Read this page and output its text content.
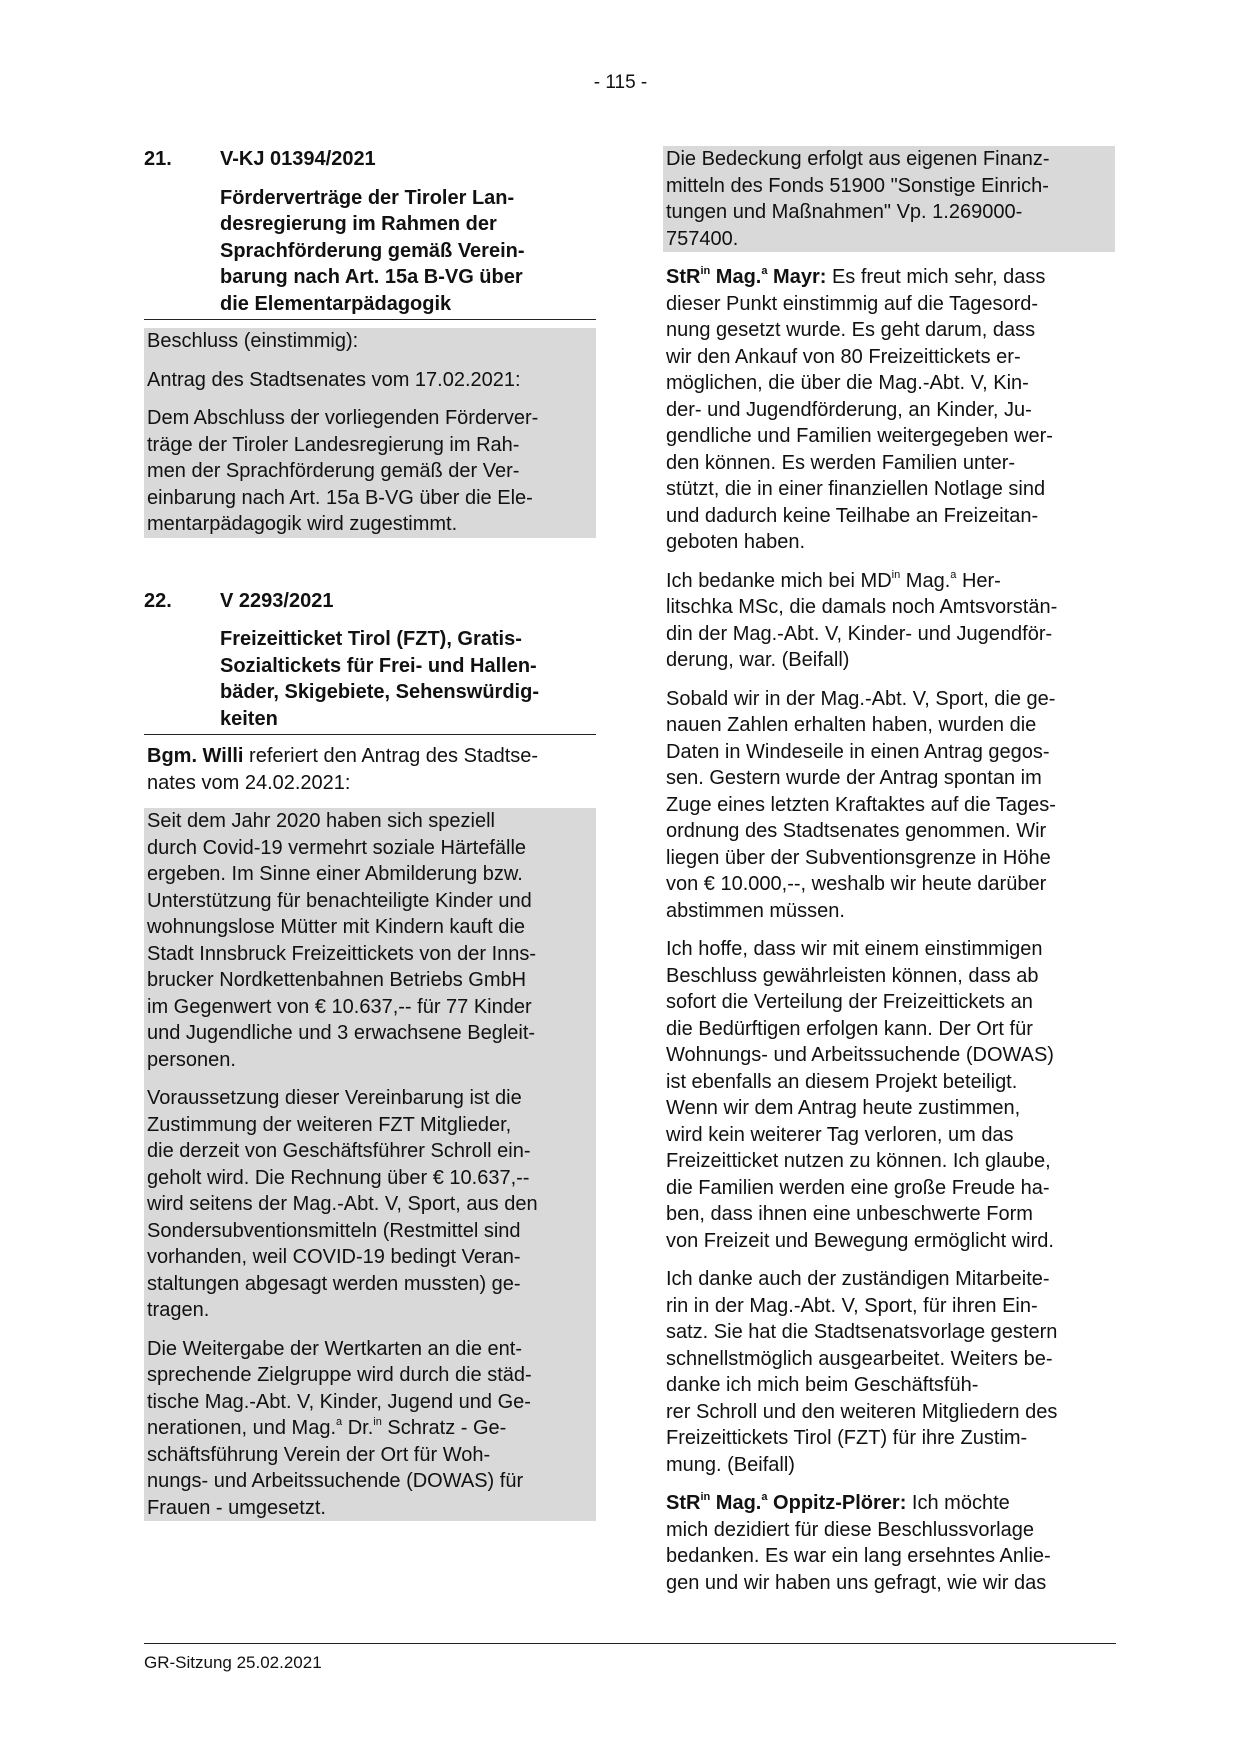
- 115 -
21.	V-KJ 01394/2021
Förderverträge der Tiroler Lan-
desregierung im Rahmen der
Sprachförderung gemäß Verein-
barung nach Art. 15a B-VG über
die Elementarpädagogik

Beschluss (einstimmig):

Antrag des Stadtsenates vom 17.02.2021:

Dem Abschluss der vorliegenden Förderver-

träge der Tiroler Landesregierung im Rah-

men der Sprachförderung gemäß der Ver-

einbarung nach Art. 15a B-VG über die Ele-

mentarpädagogik wird zugestimmt.

22.	V 2293/2021
Freizeitticket Tirol (FZT), Gratis-
Sozialtickets für Frei- und Hallen-
bäder, Skigebiete, Sehenswürdig-
keiten

Bgm. Willi referiert den Antrag des Stadtse-

nates vom 24.02.2021:

Seit dem Jahr 2020 haben sich speziell

durch Covid-19 vermehrt soziale Härtefälle

ergeben. Im Sinne einer Abmilderung bzw.

Unterstützung für benachteiligte Kinder und

wohnungslose Mütter mit Kindern kauft die

Stadt Innsbruck Freizeittickets von der Inns-

brucker Nordkettenbahnen Betriebs GmbH

im Gegenwert von € 10.637,-- für 77 Kinder

und Jugendliche und 3 erwachsene Begleit-

personen.

Voraussetzung dieser Vereinbarung ist die

Zustimmung der weiteren FZT Mitglieder,

die derzeit von Geschäftsführer Schroll ein-

geholt wird. Die Rechnung über € 10.637,--

wird seitens der Mag.-Abt. V, Sport, aus den

Sondersubventionsmitteln (Restmittel sind

vorhanden, weil COVID-19 bedingt Veran-

staltungen abgesagt werden mussten) ge-

tragen.

Die Weitergabe der Wertkarten an die ent-

sprechende Zielgruppe wird durch die städ-

tische Mag.-Abt. V, Kinder, Jugend und Ge-

nerationen, und Mag.$^a$ Dr.$^{in}$ Schratz - Ge-

schäftsführung Verein der Ort für Woh-

nungs- und Arbeitssuchende (DOWAS) für

Frauen - umgesetzt.

Die Bedeckung erfolgt aus eigenen Finanz-

mitteln des Fonds 51900 "Sonstige Einrich-

tungen und Maßnahmen" Vp. 1.269000-

757400.

StR$^{in}$ Mag.$^a$ Mayr: Es freut mich sehr, dass

dieser Punkt einstimmig auf die Tagesord-

nung gesetzt wurde. Es geht darum, dass

wir den Ankauf von 80 Freizeittickets er-

möglichen, die über die Mag.-Abt. V, Kin-

der- und Jugendförderung, an Kinder, Ju-

gendliche und Familien weitergegeben wer-

den können. Es werden Familien unter-

stützt, die in einer finanziellen Notlage sind

und dadurch keine Teilhabe an Freizeitan-

geboten haben.

Ich bedanke mich bei $MD^{in}$ Mag.$^a$ Her-

litschka MSc, die damals noch Amtsvorstän-

din der Mag.-Abt. V, Kinder- und Jugendför-

derung, war. (Beifall)

Sobald wir in der Mag.-Abt. V, Sport, die ge-

nauen Zahlen erhalten haben, wurden die

Daten in Windeseile in einen Antrag gegos-

sen. Gestern wurde der Antrag spontan im

Zuge eines letzten Kraftaktes auf die Tages-

ordnung des Stadtsenates genommen. Wir

liegen über der Subventionsgrenze in Höhe

von € 10.000,--, weshalb wir heute darüber

abstimmen müssen.

Ich hoffe, dass wir mit einem einstimmigen

Beschluss gewährleisten können, dass ab

sofort die Verteilung der Freizeittickets an

die Bedürftigen erfolgen kann. Der Ort für

Wohnungs- und Arbeitssuchende (DOWAS)

ist ebenfalls an diesem Projekt beteiligt.

Wenn wir dem Antrag heute zustimmen,

wird kein weiterer Tag verloren, um das

Freizeitticket nutzen zu können. Ich glaube,

die Familien werden eine große Freude ha-

ben, dass ihnen eine unbeschwerte Form

von Freizeit und Bewegung ermöglicht wird.

Ich danke auch der zuständigen Mitarbeite-

rin in der Mag.-Abt. V, Sport, für ihren Ein-

satz. Sie hat die Stadtsenatsvorlage gestern

schnellstmöglich ausgearbeitet. Weiters be-

danke ich mich beim Geschäftsfüh-

rer Schroll und den weiteren Mitgliedern des

Freizeittickets Tirol (FZT) für ihre Zustim-

mung. (Beifall)

StR$^{in}$ Mag.$^a$ Oppitz-Plörer: Ich möchte

mich dezidiert für diese Beschlussvorlage

bedanken. Es war ein lang ersehntes Anlie-

gen und wir haben uns gefragt, wie wir das

GR-Sitzung 25.02.2021
